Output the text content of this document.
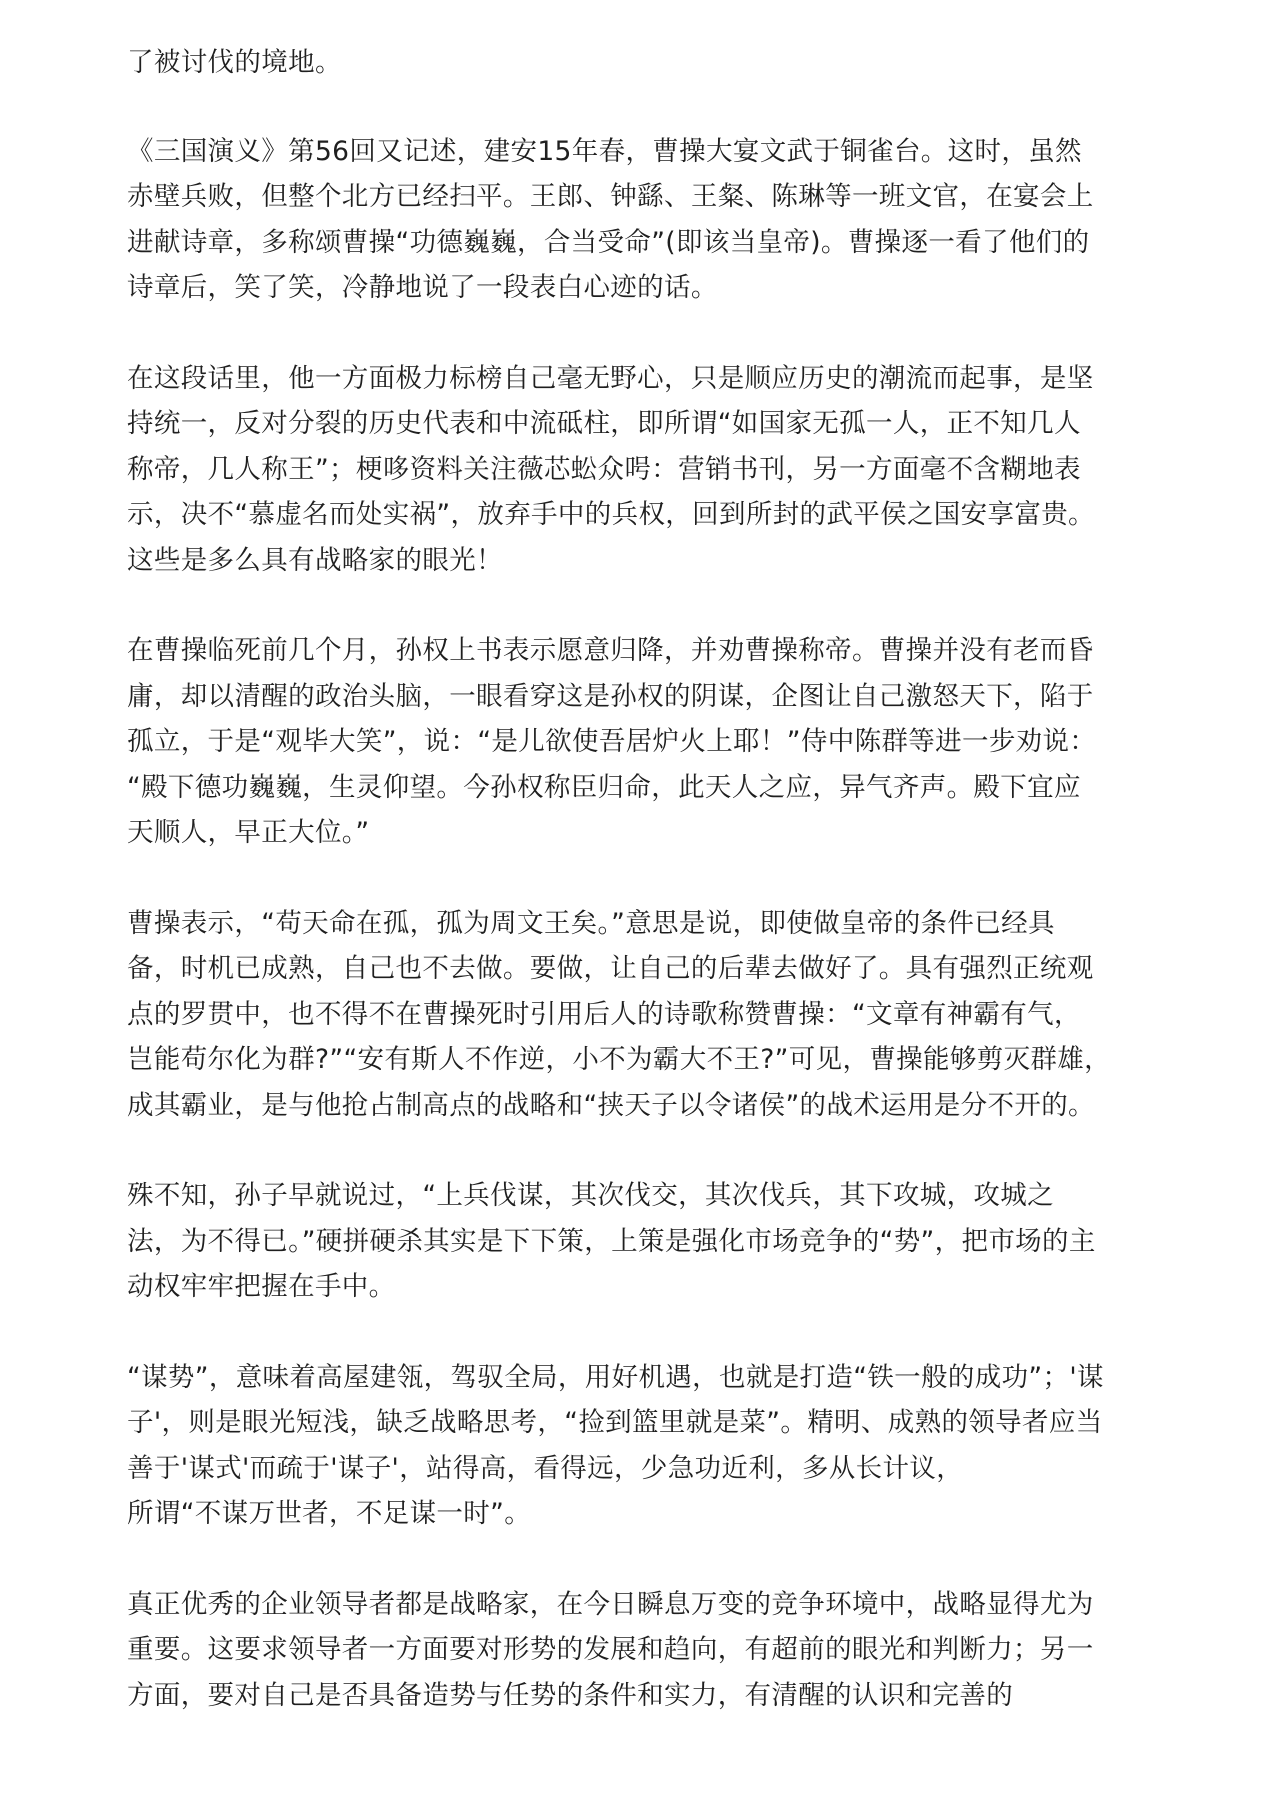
了被讨伐的境地。

《三国演义》第56回又记述，建安15年春，曹操大宴文武于铜雀台。这时，虽然
赤壁兵败，但整个北方已经扫平。王郎、钟繇、王粲、陈琳等一班文官，在宴会上
进献诗章，多称颂曹操“功德巍巍，合当受命”(即该当皇帝)。曹操逐一看了他们的
诗章后，笑了笑，冷静地说了一段表白心迹的话。

在这段话里，他一方面极力标榜自己毫无野心，只是顺应历史的潮流而起事，是坚
持统一，反对分裂的历史代表和中流砥柱，即所谓“如国家无孤一人，正不知几人
称帝，几人称王”；梗哆资料关注薇芯蚣众呺：营销书刊，另一方面毫不含糊地表
示，决不“慕虚名而处实祸”，放弃手中的兵权，回到所封的武平侯之国安享富贵。
这些是多么具有战略家的眼光！

在曹操临死前几个月，孙权上书表示愿意归降，并劝曹操称帝。曹操并没有老而昏
庸，却以清醒的政治头脑，一眼看穿这是孙权的阴谋，企图让自己激怒天下，陷于
孤立，于是“观毕大笑”，说：“是儿欲使吾居炉火上耶！”侍中陈群等进一步劝说：
“殿下德功巍巍，生灵仰望。今孙权称臣归命，此天人之应，异气齐声。殿下宜应
天顺人，早正大位。”

曹操表示，“苟天命在孤，孤为周文王矣。”意思是说，即使做皇帝的条件已经具
备，时机已成熟，自己也不去做。要做，让自己的后辈去做好了。具有强烈正统观
点的罗贯中，也不得不在曹操死时引用后人的诗歌称赞曹操：“文章有神霸有气，
岂能苟尔化为群?”“安有斯人不作逆，小不为霸大不王?”可见，曹操能够剪灭群雄，
成其霸业，是与他抢占制高点的战略和“挟天子以令诸侯”的战术运用是分不开的。

殊不知，孙子早就说过，“上兵伐谋，其次伐交，其次伐兵，其下攻城，攻城之
法，为不得已。”硬拼硬杀其实是下下策，上策是强化市场竞争的“势”，把市场的主
动权牢牢把握在手中。

“谋势”，意味着高屋建瓴，驾驭全局，用好机遇，也就是打造“铁一般的成功”；'谋
子'，则是眼光短浅，缺乏战略思考，“捡到篮里就是菜”。精明、成熟的领导者应当
善于'谋式'而疏于'谋子'，站得高，看得远，少急功近利，多从长计议，
所谓“不谋万世者，不足谋一时”。

真正优秀的企业领导者都是战略家，在今日瞬息万变的竞争环境中，战略显得尤为
重要。这要求领导者一方面要对形势的发展和趋向，有超前的眼光和判断力；另一
方面，要对自己是否具备造势与任势的条件和实力，有清醒的认识和完善的
